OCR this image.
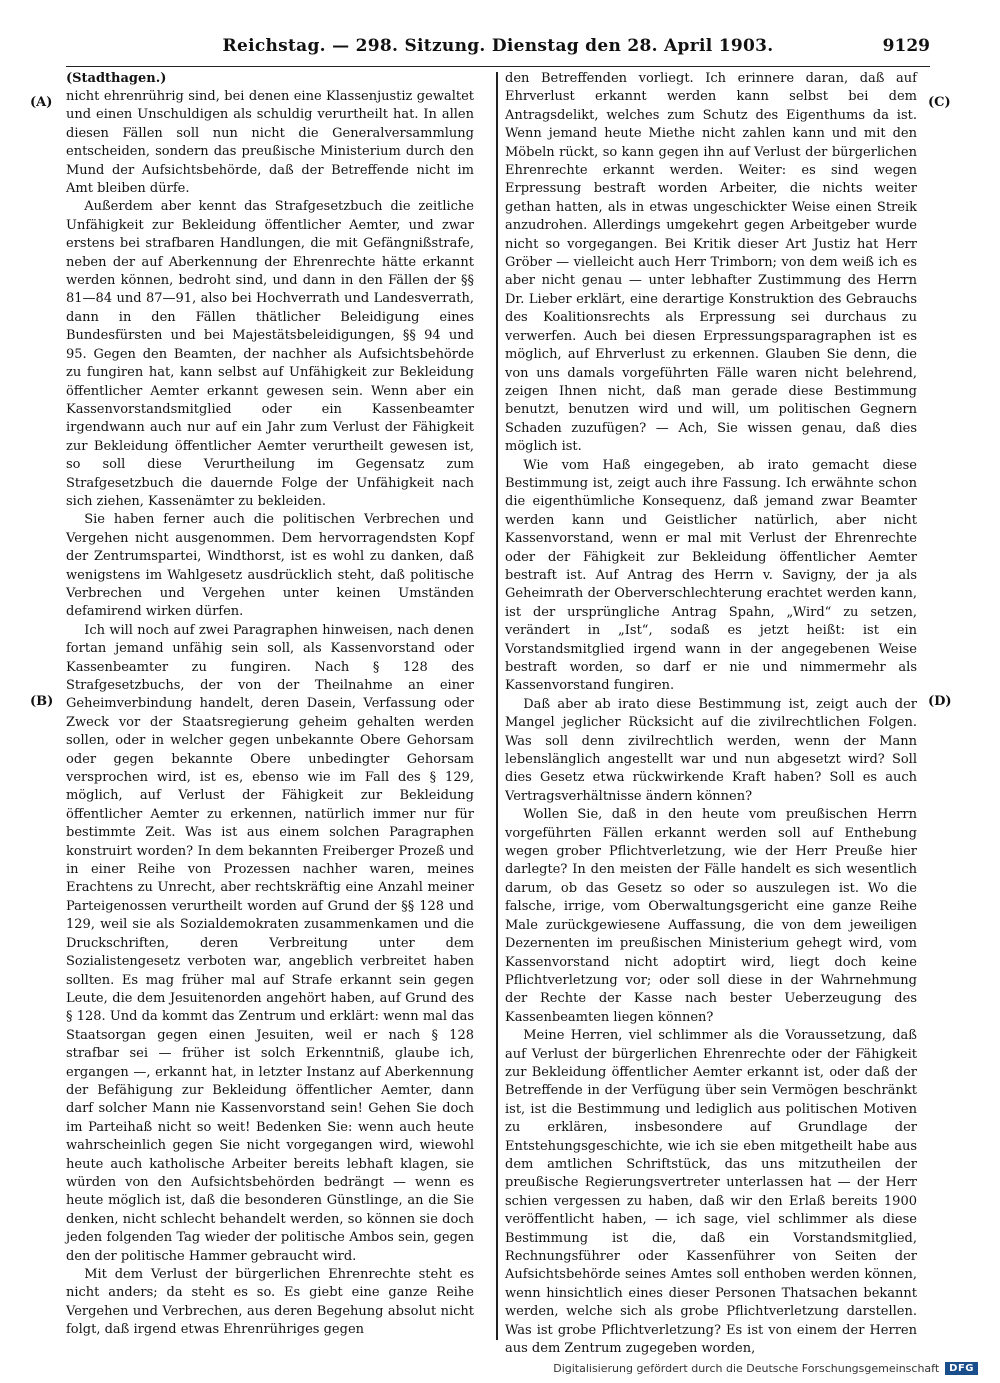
Reichstag. — 298. Sitzung. Dienstag den 28. April 1903.	9129
(A)
(B)
(C)
(D)
(Stadthagen.)

nicht ehrenrührig sind, bei denen eine Klassenjustiz gewaltet und einen Unschuldigen als schuldig verurtheilt hat. In allen diesen Fällen soll nun nicht die Generalversammlung entscheiden, sondern das preußische Ministerium durch den Mund der Aufsichtsbehörde, daß der Betreffende nicht im Amt bleiben dürfe.

Außerdem aber kennt das Strafgesetzbuch die zeitliche Unfähigkeit zur Bekleidung öffentlicher Aemter, und zwar erstens bei strafbaren Handlungen, die mit Gefängnißstrafe, neben der auf Aberkennung der Ehrenrechte hätte erkannt werden können, bedroht sind, und dann in den Fällen der §§ 81—84 und 87—91, also bei Hochverrath und Landesverrath, dann in den Fällen thätlicher Beleidigung eines Bundesfürsten und bei Majestätsbeleidigungen, §§ 94 und 95. Gegen den Beamten, der nachher als Aufsichtsbehörde zu fungiren hat, kann selbst auf Unfähigkeit zur Bekleidung öffentlicher Aemter erkannt gewesen sein. Wenn aber ein Kassenvorstandsmitglied oder ein Kassenbeamter irgendwann auch nur auf ein Jahr zum Verlust der Fähigkeit zur Bekleidung öffentlicher Aemter verurtheilt gewesen ist, so soll diese Verurtheilung im Gegensatz zum Strafgesetzbuch die dauernde Folge der Unfähigkeit nach sich ziehen, Kassenämter zu bekleiden.

Sie haben ferner auch die politischen Verbrechen und Vergehen nicht ausgenommen. Dem hervorragendsten Kopf der Zentrumspartei, Windthorst, ist es wohl zu danken, daß wenigstens im Wahlgesetz ausdrücklich steht, daß politische Verbrechen und Vergehen unter keinen Umständen defamirend wirken dürfen.

Ich will noch auf zwei Paragraphen hinweisen, nach denen fortan jemand unfähig sein soll, als Kassenvorstand oder Kassenbeamter zu fungiren. Nach § 128 des Strafgesetzbuchs, der von der Theilnahme an einer Geheimverbindung handelt, deren Dasein, Verfassung oder Zweck vor der Staatsregierung geheim gehalten werden sollen, oder in welcher gegen unbekannte Obere Gehorsam oder gegen bekannte Obere unbedingter Gehorsam versprochen wird, ist es, ebenso wie im Fall des § 129, möglich, auf Verlust der Fähigkeit zur Bekleidung öffentlicher Aemter zu erkennen, natürlich immer nur für bestimmte Zeit. Was ist aus einem solchen Paragraphen konstruirt worden? In dem bekannten Freiberger Prozeß und in einer Reihe von Prozessen nachher waren, meines Erachtens zu Unrecht, aber rechtskräftig eine Anzahl meiner Parteigenossen verurtheilt worden auf Grund der §§ 128 und 129, weil sie als Sozialdemokraten zusammenkamen und die Druckschriften, deren Verbreitung unter dem Sozialistengesetz verboten war, angeblich verbreitet haben sollten. Es mag früher mal auf Strafe erkannt sein gegen Leute, die dem Jesuitenorden angehört haben, auf Grund des § 128. Und da kommt das Zentrum und erklärt: wenn mal das Staatsorgan gegen einen Jesuiten, weil er nach § 128 strafbar sei — früher ist solch Erkenntniß, glaube ich, ergangen —, erkannt hat, in letzter Instanz auf Aberkennung der Befähigung zur Bekleidung öffentlicher Aemter, dann darf solcher Mann nie Kassenvorstand sein! Gehen Sie doch im Parteihaß nicht so weit! Bedenken Sie: wenn auch heute wahrscheinlich gegen Sie nicht vorgegangen wird, wiewohl heute auch katholische Arbeiter bereits lebhaft klagen, sie würden von den Aufsichtsbehörden bedrängt — wenn es heute möglich ist, daß die besonderen Günstlinge, an die Sie denken, nicht schlecht behandelt werden, so können sie doch jeden folgenden Tag wieder der politische Ambos sein, gegen den der politische Hammer gebraucht wird.

Mit dem Verlust der bürgerlichen Ehrenrechte steht es nicht anders; da steht es so. Es giebt eine ganze Reihe Vergehen und Verbrechen, aus deren Begehung absolut nicht folgt, daß irgend etwas Ehrenrühriges gegen

den Betreffenden vorliegt. Ich erinnere daran, daß auf Ehrverlust erkannt werden kann selbst bei dem Antragsdelikt, welches zum Schutz des Eigenthums da ist. Wenn jemand heute Miethe nicht zahlen kann und mit den Möbeln rückt, so kann gegen ihn auf Verlust der bürgerlichen Ehrenrechte erkannt werden. Weiter: es sind wegen Erpressung bestraft worden Arbeiter, die nichts weiter gethan hatten, als in etwas ungeschickter Weise einen Streik anzudrohen. Allerdings umgekehrt gegen Arbeitgeber wurde nicht so vorgegangen. Bei Kritik dieser Art Justiz hat Herr Gröber — vielleicht auch Herr Trimborn; von dem weiß ich es aber nicht genau — unter lebhafter Zustimmung des Herrn Dr. Lieber erklärt, eine derartige Konstruktion des Gebrauchs des Koalitionsrechts als Erpressung sei durchaus zu verwerfen. Auch bei diesen Erpressungsparagraphen ist es möglich, auf Ehrverlust zu erkennen. Glauben Sie denn, die von uns damals vorgeführten Fälle waren nicht belehrend, zeigen Ihnen nicht, daß man gerade diese Bestimmung benutzt, benutzen wird und will, um politischen Gegnern Schaden zuzufügen? — Ach, Sie wissen genau, daß dies möglich ist.

Wie vom Haß eingegeben, ab irato gemacht diese Bestimmung ist, zeigt auch ihre Fassung. Ich erwähnte schon die eigenthümliche Konsequenz, daß jemand zwar Beamter werden kann und Geistlicher natürlich, aber nicht Kassenvorstand, wenn er mal mit Verlust der Ehrenrechte oder der Fähigkeit zur Bekleidung öffentlicher Aemter bestraft ist. Auf Antrag des Herrn v. Savigny, der ja als Geheimrath der Oberverschlechterung erachtet werden kann, ist der ursprüngliche Antrag Spahn, „Wird“ zu setzen, verändert in „Ist“, sodaß es jetzt heißt: ist ein Vorstandsmitglied irgend wann in der angegebenen Weise bestraft worden, so darf er nie und nimmermehr als Kassenvorstand fungiren.

Daß aber ab irato diese Bestimmung ist, zeigt auch der Mangel jeglicher Rücksicht auf die zivilrechtlichen Folgen. Was soll denn zivilrechtlich werden, wenn der Mann lebenslänglich angestellt war und nun abgesetzt wird? Soll dies Gesetz etwa rückwirkende Kraft haben? Soll es auch Vertragsverhältnisse ändern können?

Wollen Sie, daß in den heute vom preußischen Herrn vorgeführten Fällen erkannt werden soll auf Enthebung wegen grober Pflichtverletzung, wie der Herr Preuße hier darlegte? In den meisten der Fälle handelt es sich wesentlich darum, ob das Gesetz so oder so auszulegen ist. Wo die falsche, irrige, vom Oberwaltungsgericht eine ganze Reihe Male zurückgewiesene Auffassung, die von dem jeweiligen Dezernenten im preußischen Ministerium gehegt wird, vom Kassenvorstand nicht adoptirt wird, liegt doch keine Pflichtverletzung vor; oder soll diese in der Wahrnehmung der Rechte der Kasse nach bester Ueberzeugung des Kassenbeamten liegen können?

Meine Herren, viel schlimmer als die Voraussetzung, daß auf Verlust der bürgerlichen Ehrenrechte oder der Fähigkeit zur Bekleidung öffentlicher Aemter erkannt ist, oder daß der Betreffende in der Verfügung über sein Vermögen beschränkt ist, ist die Bestimmung und lediglich aus politischen Motiven zu erklären, insbesondere auf Grundlage der Entstehungsgeschichte, wie ich sie eben mitgetheilt habe aus dem amtlichen Schriftstück, das uns mitzutheilen der preußische Regierungsvertreter unterlassen hat — der Herr schien vergessen zu haben, daß wir den Erlaß bereits 1900 veröffentlicht haben, — ich sage, viel schlimmer als diese Bestimmung ist die, daß ein Vorstandsmitglied, Rechnungsführer oder Kassenführer von Seiten der Aufsichtsbehörde seines Amtes soll enthoben werden können, wenn hinsichtlich eines dieser Personen Thatsachen bekannt werden, welche sich als grobe Pflichtverletzung darstellen. Was ist grobe Pflichtverletzung? Es ist von einem der Herren aus dem Zentrum zugegeben worden,

Digitalisierung gefördert durch die Deutsche Forschungsgemeinschaft	DFG
